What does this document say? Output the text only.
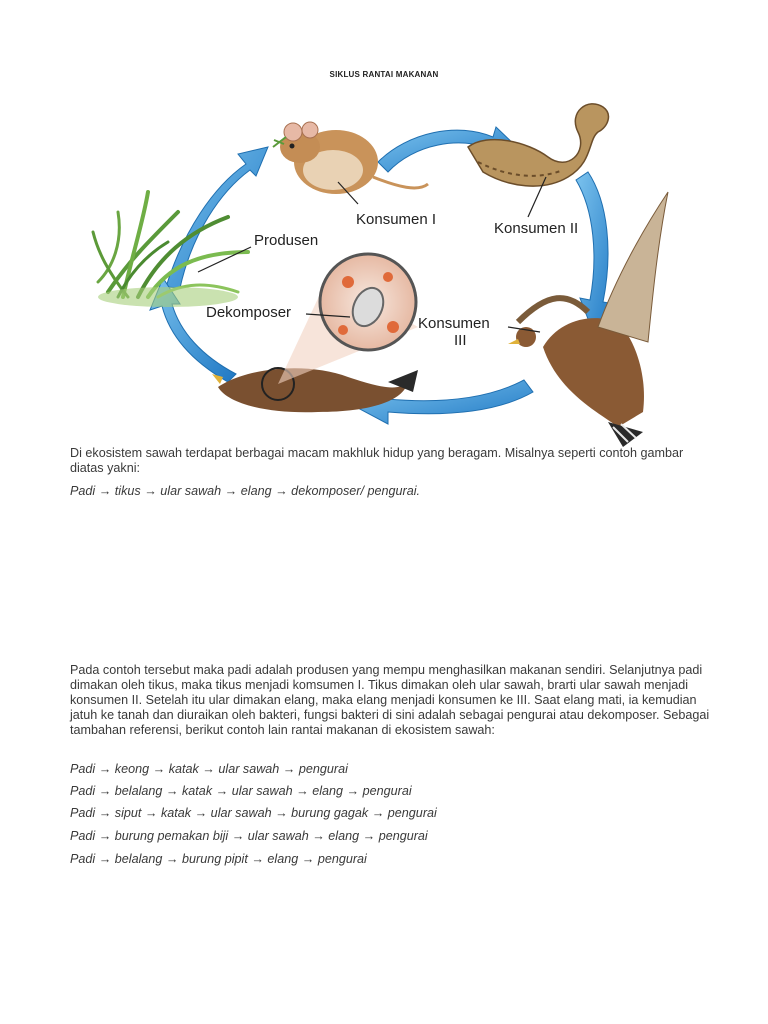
SIKLUS RANTAI MAKANAN
Produsen
Konsumen I
Konsumen II
Konsumen
III
Dekomposer
Di ekosistem sawah terdapat berbagai macam makhluk hidup yang beragam. Misalnya seperti contoh gambar diatas yakni:
Padi → tikus → ular sawah → elang → dekomposer/ pengurai.
Pada contoh tersebut maka padi adalah produsen yang mempu menghasilkan makanan sendiri. Selanjutnya padi dimakan oleh tikus, maka tikus menjadi komsumen I. Tikus dimakan oleh ular sawah, brarti ular sawah menjadi konsumen II. Setelah itu ular dimakan elang, maka elang menjadi konsumen ke III. Saat elang mati, ia kemudian jatuh ke tanah dan diuraikan oleh bakteri, fungsi bakteri di sini adalah sebagai pengurai atau dekomposer. Sebagai tambahan referensi, berikut contoh lain rantai makanan di ekosistem sawah:
Padi → keong → katak → ular sawah → pengurai
Padi → belalang → katak → ular sawah → elang → pengurai
Padi → siput → katak → ular sawah → burung gagak → pengurai
Padi → burung pemakan biji → ular sawah → elang → pengurai
Padi → belalang → burung pipit → elang → pengurai
